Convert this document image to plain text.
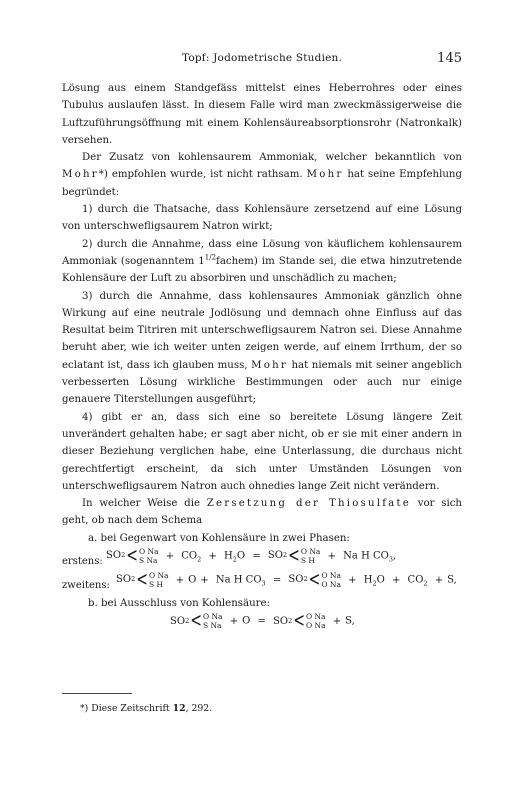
Topf: Jodometrische Studien.	145

Lösung aus einem Standgefäss mittelst eines Heberrohres oder eines Tubulus auslaufen lässt. In diesem Falle wird man zweckmässigerweise die Luftzuführungsöffnung mit einem Kohlensäureabsorptionsrohr (Natronkalk) versehen.

Der Zusatz von kohlensaurem Ammoniak, welcher bekanntlich von Mohr*) empfohlen wurde, ist nicht rathsam. Mohr hat seine Empfehlung begründet:

1) durch die Thatsache, dass Kohlensäure zersetzend auf eine Lösung von unterschwefligsaurem Natron wirkt;

2) durch die Annahme, dass eine Lösung von käuflichem kohlensaurem Ammoniak (sogenanntem $1^{1/2}fachem$) im Stande sei, die etwa hinzutretende Kohlensäure der Luft zu absorbiren und unschädlich zu machen;

3) durch die Annahme, dass kohlensaures Ammoniak gänzlich ohne Wirkung auf eine neutrale Jodlösung und demnach ohne Einfluss auf das Resultat beim Titriren mit unterschwefligsaurem Natron sei. Diese Annahme beruht aber, wie ich weiter unten zeigen werde, auf einem Irrthum, der so eclatant ist, dass ich glauben muss, Mohr hat niemals mit seiner angeblich verbesserten Lösung wirkliche Bestimmungen oder auch nur einige genauere Titerstellungen ausgeführt;

4) gibt er an, dass sich eine so bereitete Lösung längere Zeit unverändert gehalten habe; er sagt aber nicht, ob er sie mit einer andern in dieser Beziehung verglichen habe, eine Unterlassung, die durchaus nicht gerechtfertigt erscheint, da sich unter Umständen Lösungen von unterschwefligsaurem Natron auch ohnedies lange Zeit nicht verändern.

In welcher Weise die Zersetzung der Thiosulfate vor sich geht, ob nach dem Schema

a. bei Gegenwart von Kohlensäure in zwei Phasen:

erstens:
SO 2 < O Na
S $Na + CO_2 + H_2O$ = SO 2 < O Na
S H	+ Na H $CO_3$,
zweitens:
SO 2 < O Na
S H	+ O + Na H $CO_3$ = SO 2 < O Na
O $Na + H_2O + CO_2 + S$,

b. bei Ausschluss von Kohlensäure:

SO 2 < O Na
S Na + O = SO 2 < O Na
O Na + S,
*) Diese Zeitschrift 12, 292.
